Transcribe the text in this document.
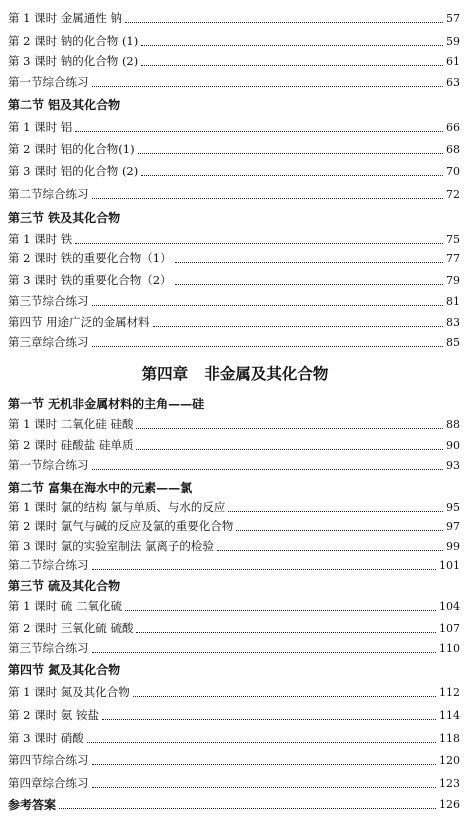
第 1 课时 金属通性 钠	57
第 2 课时 钠的化合物 (1)	59
第 3 课时 钠的化合物 (2)	61
第一节综合练习	63
第二节 铝及其化合物
第 1 课时 铝	66
第 2 课时 铝的化合物(1)	68
第 3 课时 铝的化合物 (2)	70
第二节综合练习	72
第三节 铁及其化合物
第 1 课时 铁	75
第 2 课时 铁的重要化合物（1）	77
第 3 课时 铁的重要化合物（2）	79
第三节综合练习	81
第四节 用途广泛的金属材料	83
第三章综合练习	85
第四章   非金属及其化合物
第一节 无机非金属材料的主角——硅
第 1 课时 二氧化硅 硅酸	88
第 2 课时 硅酸盐 硅单质	90
第一节综合练习	93
第二节 富集在海水中的元素——氯
第 1 课时 氯的结构 氯与单质、与水的反应	95
第 2 课时 氯气与碱的反应及氯的重要化合物	97
第 3 课时 氯的实验室制法 氯离子的检验	99
第二节综合练习	101
第三节 硫及其化合物
第 1 课时 硫 二氧化硫	104
第 2 课时 三氧化硫 硫酸	107
第三节综合练习	110
第四节 氮及其化合物
第 1 课时 氮及其化合物	112
第 2 课时 氨 铵盐	114
第 3 课时 硝酸	118
第四节综合练习	120
第四章综合练习	123
参考答案	126
